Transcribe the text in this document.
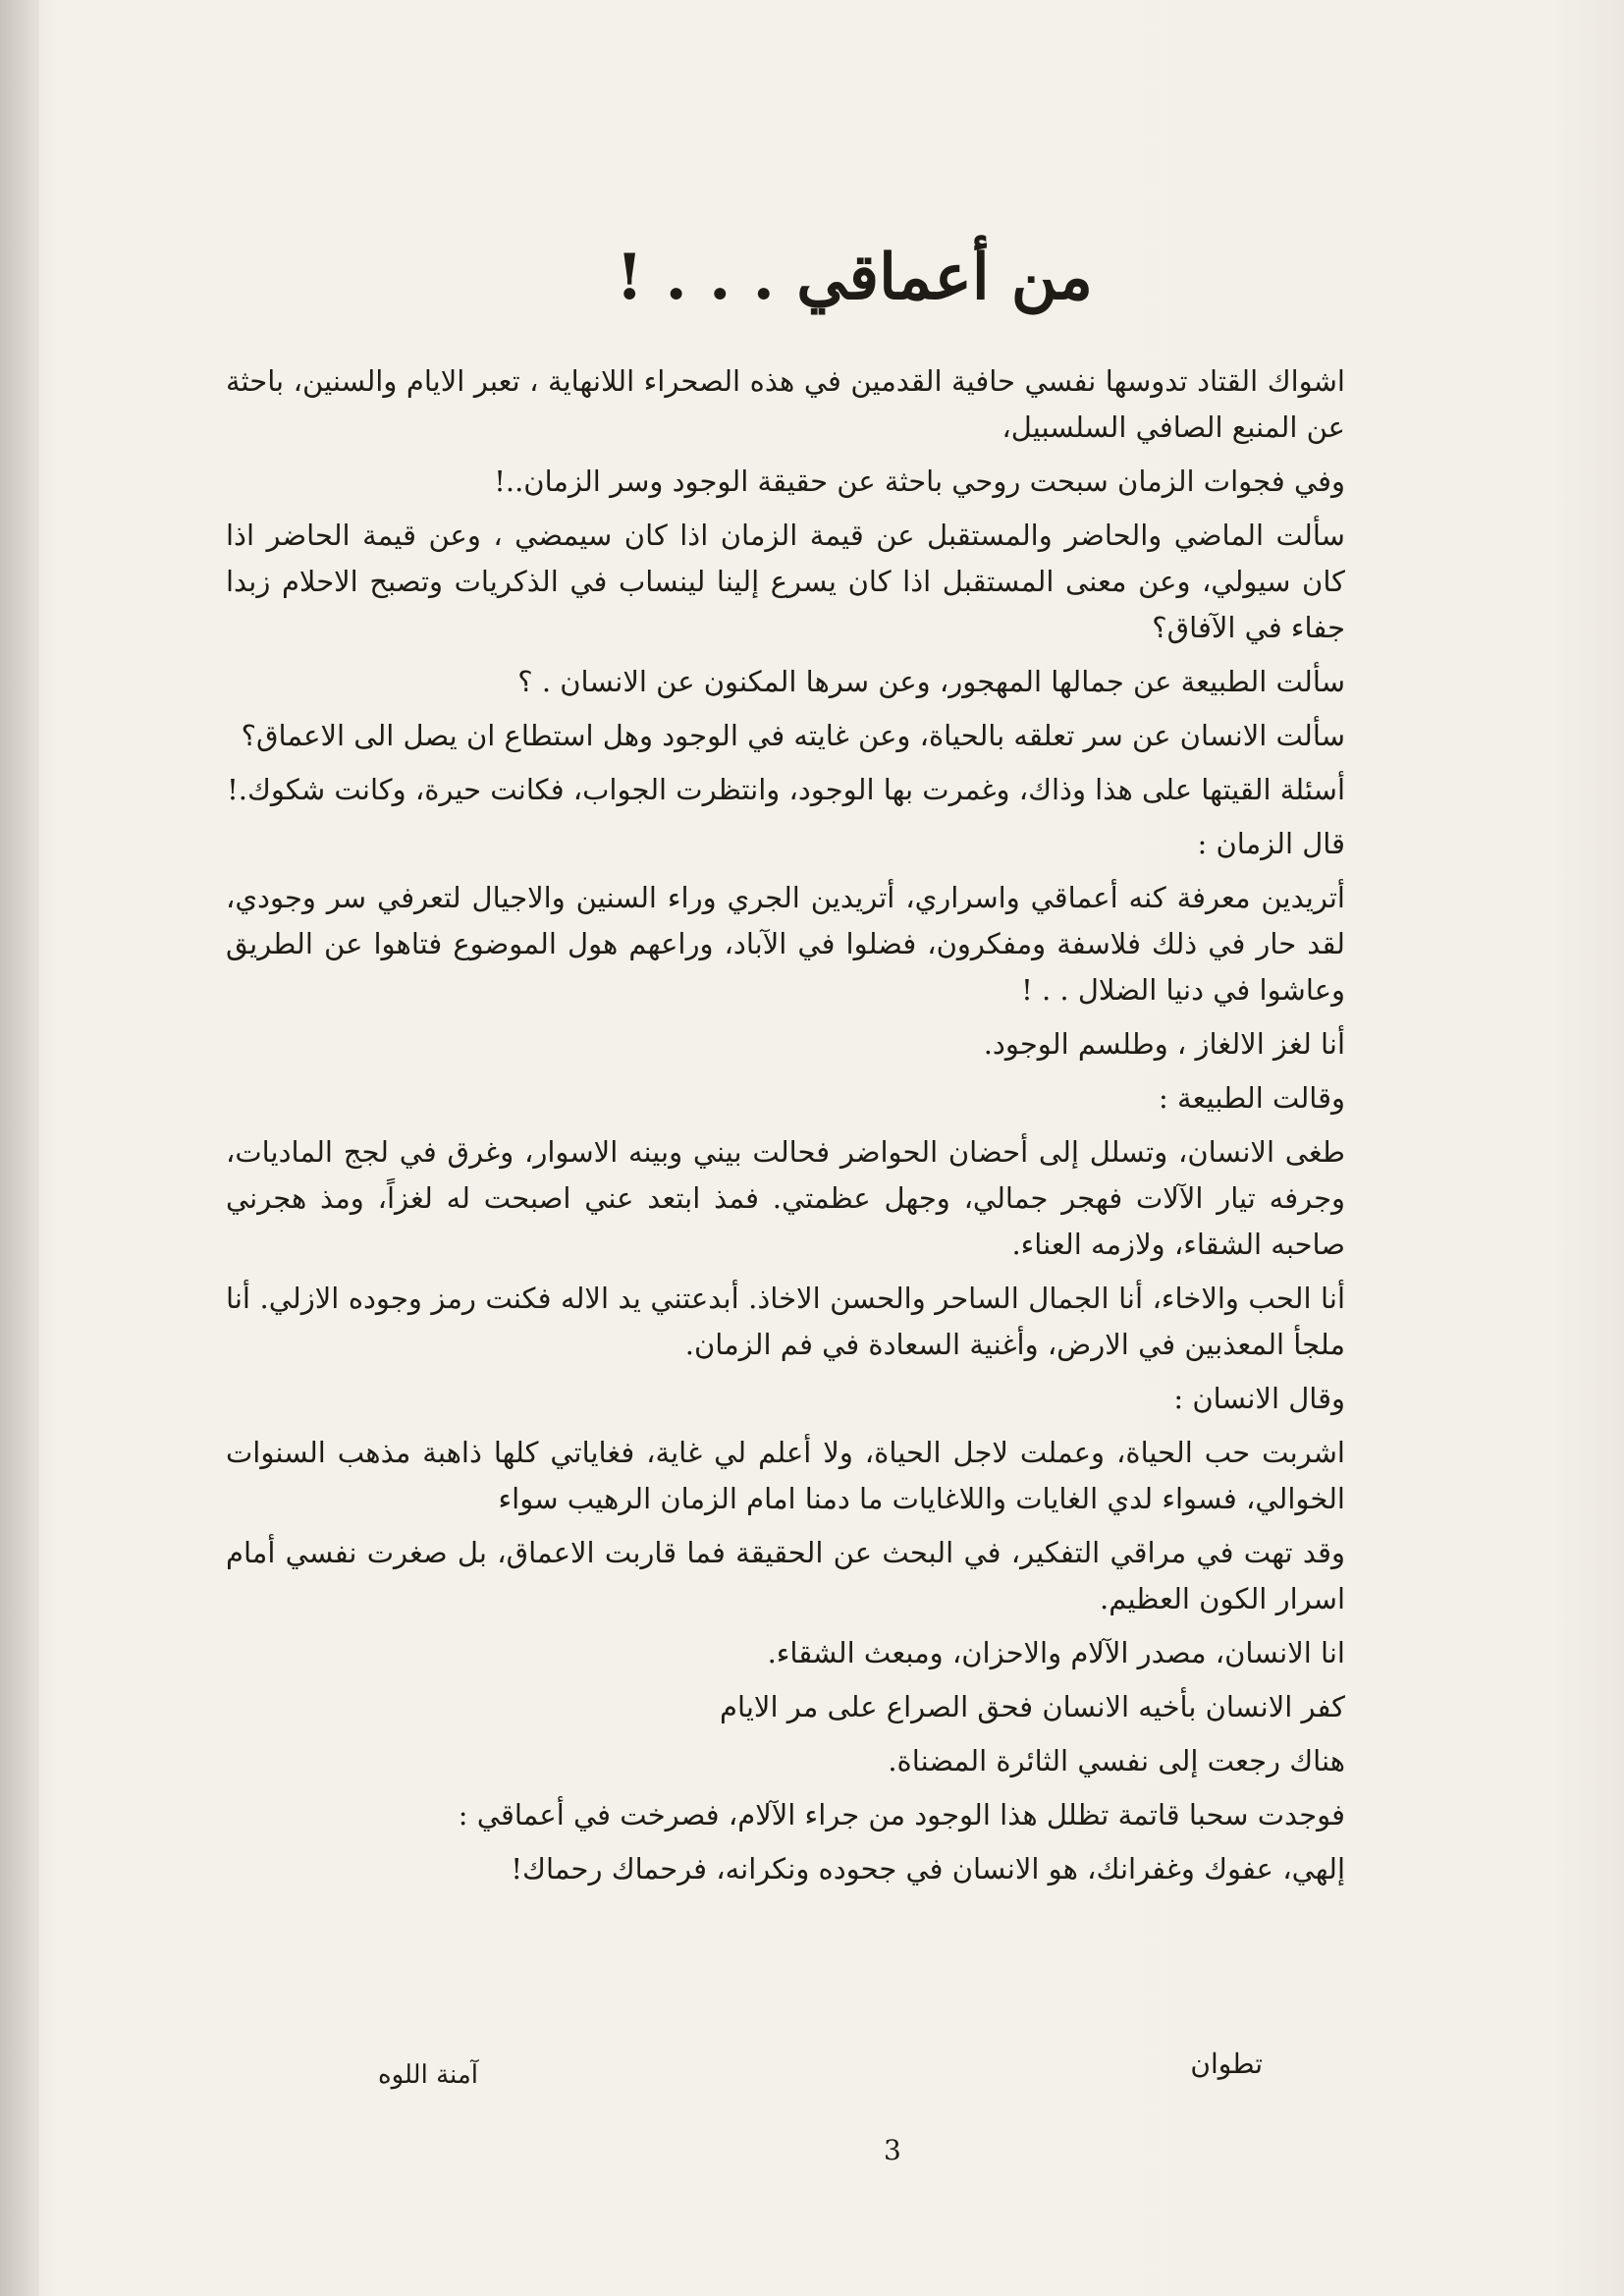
من أعماقي . . . !

اشواك القتاد تدوسها نفسي حافية القدمين في هذه الصحراء اللانهاية ، تعبر الايام والسنين، باحثة عن المنبع الصافي السلسبيل،

وفي فجوات الزمان سبحت روحي باحثة عن حقيقة الوجود وسر الزمان..!

سألت الماضي والحاضر والمستقبل عن قيمة الزمان اذا كان سيمضي ، وعن قيمة الحاضر اذا كان سيولي، وعن معنى المستقبل اذا كان يسرع إلينا لينساب في الذكريات وتصبح الاحلام زبدا جفاء في الآفاق؟

سألت الطبيعة عن جمالها المهجور، وعن سرها المكنون عن الانسان . ؟

سألت الانسان عن سر تعلقه بالحياة، وعن غايته في الوجود وهل استطاع ان يصل الى الاعماق؟

أسئلة القيتها على هذا وذاك، وغمرت بها الوجود، وانتظرت الجواب، فكانت حيرة، وكانت شكوك.!

قال الزمان :

أتريدين معرفة كنه أعماقي واسراري، أتريدين الجري وراء السنين والاجيال لتعرفي سر وجودي، لقد حار في ذلك فلاسفة ومفكرون، فضلوا في الآباد، وراعهم هول الموضوع فتاهوا عن الطريق وعاشوا في دنيا الضلال . . !

أنا لغز الالغاز ، وطلسم الوجود.

وقالت الطبيعة :

طغى الانسان، وتسلل إلى أحضان الحواضر فحالت بيني وبينه الاسوار، وغرق في لجج الماديات، وجرفه تيار الآلات فهجر جمالي، وجهل عظمتي. فمذ ابتعد عني اصبحت له لغزاً، ومذ هجرني صاحبه الشقاء، ولازمه العناء.

أنا الحب والاخاء، أنا الجمال الساحر والحسن الاخاذ. أبدعتني يد الاله فكنت رمز وجوده الازلي. أنا ملجأ المعذبين في الارض، وأغنية السعادة في فم الزمان.

وقال الانسان :

اشربت حب الحياة، وعملت لاجل الحياة، ولا أعلم لي غاية، فغاياتي كلها ذاهبة مذهب السنوات الخوالي، فسواء لدي الغايات واللاغايات ما دمنا امام الزمان الرهيب سواء

وقد تهت في مراقي التفكير، في البحث عن الحقيقة فما قاربت الاعماق، بل صغرت نفسي أمام اسرار الكون العظيم.

انا الانسان، مصدر الآلام والاحزان، ومبعث الشقاء.

كفر الانسان بأخيه الانسان فحق الصراع على مر الايام

هناك رجعت إلى نفسي الثائرة المضناة.

فوجدت سحبا قاتمة تظلل هذا الوجود من جراء الآلام، فصرخت في أعماقي :

إلهي، عفوك وغفرانك، هو الانسان في جحوده ونكرانه، فرحماك رحماك!

تطوان
آمنة اللوه
3
